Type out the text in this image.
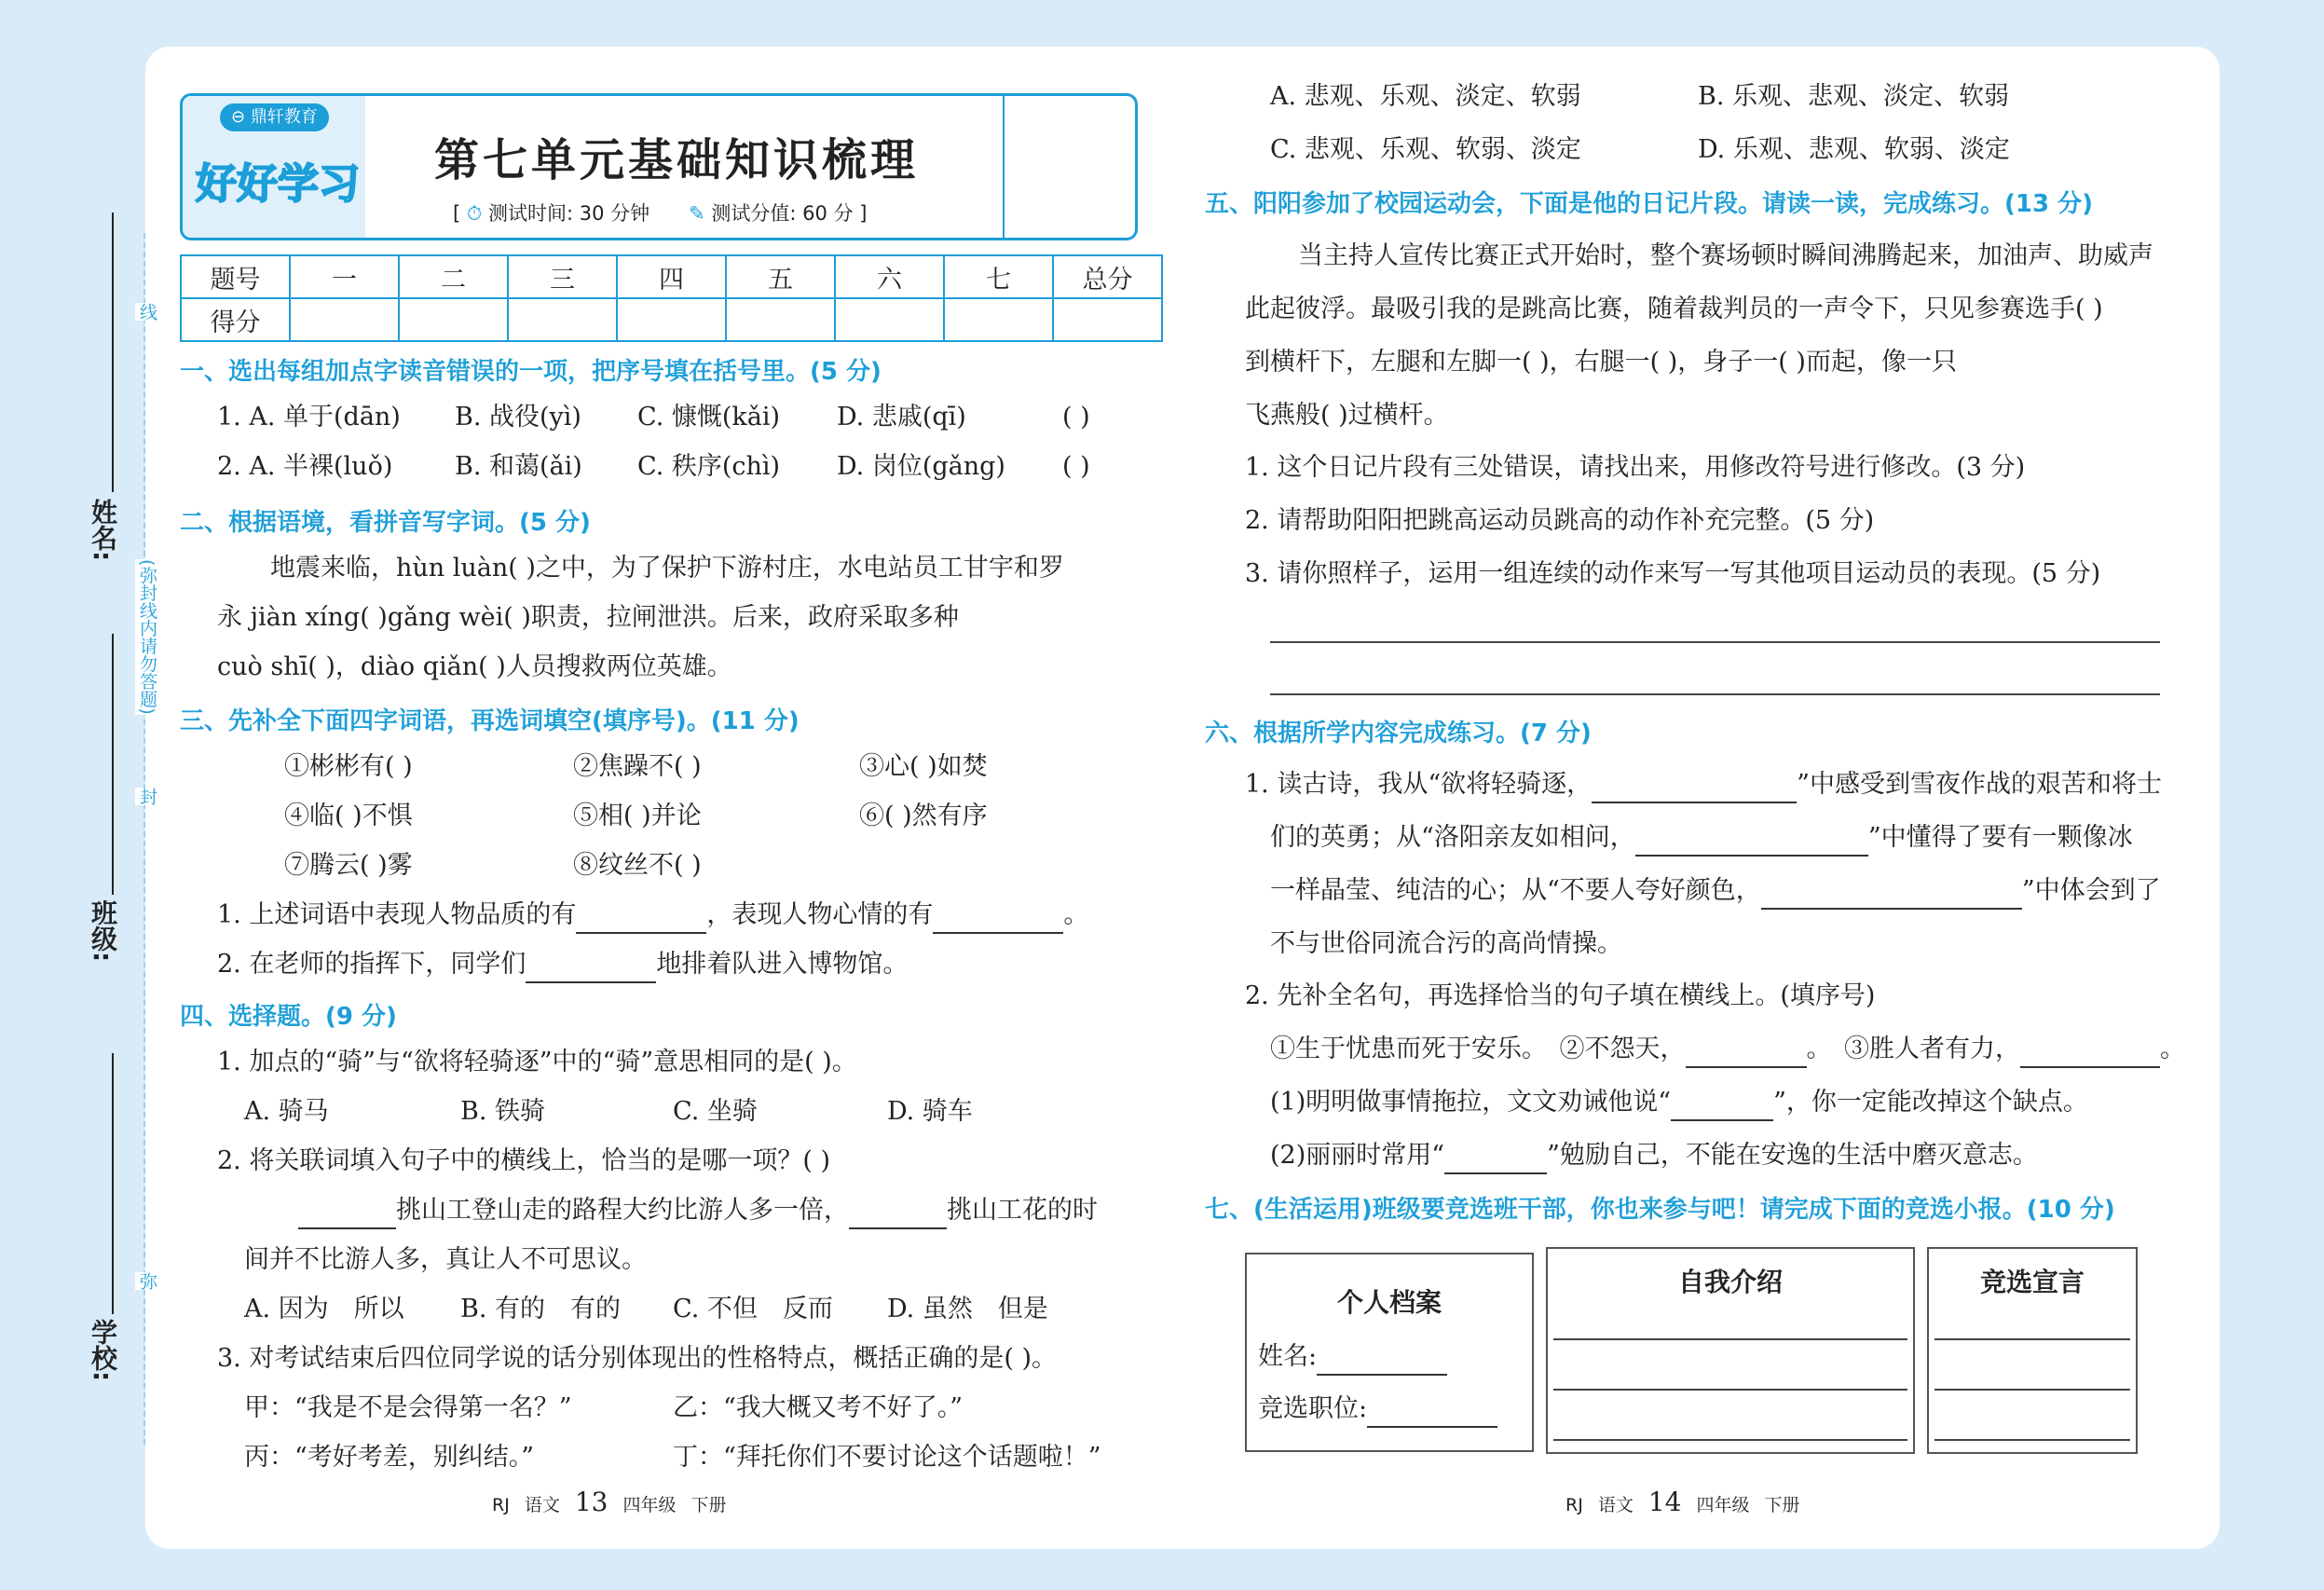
姓名:
班级:
学校:
线
(弥封线内请勿答题)
封
弥
⊖ 鼎轩教育
好好学习 第七单元基础知识梳理
[ ⏱ 测试时间: 30 分钟　　 ✎ 测试分值: 60 分 ]
题号	一	二	三	四	五	六	七	总分
得分								
一、选出每组加点字读音错误的一项，把序号填在括号里。(5 分)
1. A. 单于(dān) B. 战役(yì) C. 慷慨(kǎi) D. 悲戚(qī)	( )
2. A. 半裸(luǒ) B. 和蔼(ǎi) C. 秩序(chì) D. 岗位(gǎng) ( )
二、根据语境，看拼音写字词。(5 分)
地震来临，hùn luàn( )之中，为了保护下游村庄，水电站员工甘宇和罗
永 jiàn xíng( )gǎng wèi( )职责，拉闸泄洪。后来，政府采取多种
cuò shī( )，diào qiǎn( )人员搜救两位英雄。
三、先补全下面四字词语，再选词填空(填序号)。(11 分)
①彬彬有( )	②焦躁不( )	③心( )如焚
④临( )不惧	⑤相( )并论	⑥( )然有序
⑦腾云( )雾	⑧纹丝不( )
1. 上述词语中表现人物品质的有	，表现人物心情的有	。
2. 在老师的指挥下，同学们	地排着队进入博物馆。
四、选择题。(9 分)
1. 加点的“骑”与“欲将轻骑逐”中的“骑”意思相同的是( )。
A. 骑马	B. 铁骑	C. 坐骑	D. 骑车
2. 将关联词填入句子中的横线上，恰当的是哪一项？( )
挑山工登山走的路程大约比游人多一倍，	挑山工花的时
间并不比游人多，真让人不可思议。
A. 因为　所以 B. 有的　有的 C. 不但　反而 D. 虽然　但是
3. 对考试结束后四位同学说的话分别体现出的性格特点，概括正确的是( )。
甲：“我是不是会得第一名？”	乙：“我大概又考不好了。”
丙：“考好考差，别纠结。”	丁：“拜托你们不要讨论这个话题啦！”
A. 悲观、乐观、淡定、软弱	B. 乐观、悲观、淡定、软弱
C. 悲观、乐观、软弱、淡定	D. 乐观、悲观、软弱、淡定
五、阳阳参加了校园运动会，下面是他的日记片段。请读一读，完成练习。(13 分)
当主持人宣传比赛正式开始时，整个赛场顿时瞬间沸腾起来，加油声、助威声
此起彼浮。最吸引我的是跳高比赛，随着裁判员的一声令下，只见参赛选手( )
到横杆下，左腿和左脚一( )，右腿一( )，身子一( )而起，像一只
飞燕般( )过横杆。
1. 这个日记片段有三处错误，请找出来，用修改符号进行修改。(3 分)
2. 请帮助阳阳把跳高运动员跳高的动作补充完整。(5 分)
3. 请你照样子，运用一组连续的动作来写一写其他项目运动员的表现。(5 分)
六、根据所学内容完成练习。(7 分)
1. 读古诗，我从“欲将轻骑逐，	”中感受到雪夜作战的艰苦和将士
们的英勇；从“洛阳亲友如相问，	”中懂得了要有一颗像冰
一样晶莹、纯洁的心；从“不要人夸好颜色，	”中体会到了
不与世俗同流合污的高尚情操。
2. 先补全名句，再选择恰当的句子填在横线上。(填序号)
①生于忧患而死于安乐。　②不怨天，	。　③胜人者有力，	。
(1)明明做事情拖拉，文文劝诫他说“	”，你一定能改掉这个缺点。
(2)丽丽时常用“	”勉励自己，不能在安逸的生活中磨灭意志。
七、(生活运用)班级要竞选班干部，你也来参与吧！请完成下面的竞选小报。(10 分)
个人档案
姓名:
竞选职位:
自我介绍	竞选宣言
RJ　 语文　 13　 四年级　 下册	RJ　 语文　 14　 四年级　 下册
